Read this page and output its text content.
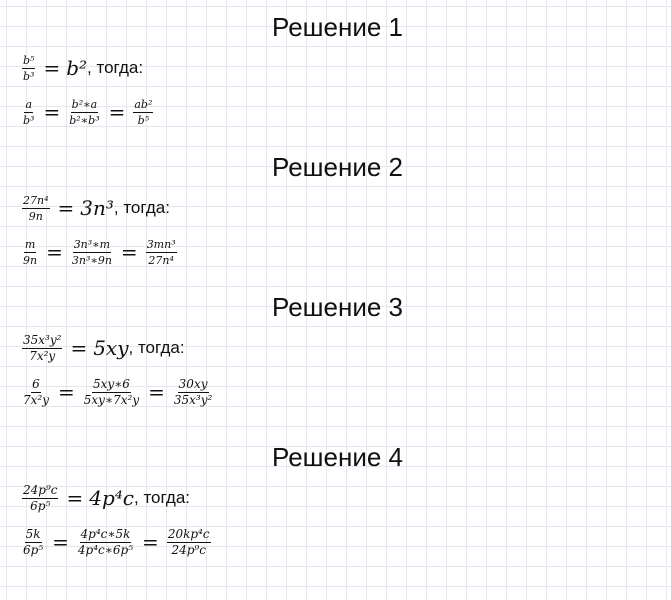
Решение 1
$\frac{\text{b⁵}}{\text{b³}} = b^2$ , тогда:
$\frac{a}{\text{b³}} = \frac{\text{b²∗a}}{\text{b²∗b³}} = \frac{\text{ab²}}{\text{b⁵}}$
Решение 2
$\frac{\text{27n⁴}}{9n} = 3n^3$ , тогда:
$\frac{m}{9n} = \frac{\text{3n³∗m}}{\text{3n³∗9n}} = \frac{\text{3mn³}}{\text{27n⁴}}$
Решение 3
$\frac{\text{35x³y²}}{\text{7x²y}} = 5xy$ , тогда:
$\frac{6}{\text{7x²y}} = \frac{5xy∗6}{\text{5xy∗7x²y}} = \frac{30xy}{\text{35x³y²}}$
Решение 4
$\frac{\text{24p⁹c}}{\text{6p⁵}} = 4p^4c$ , тогда:
$\frac{5k}{\text{6p⁵}} = \frac{\text{4p⁴c∗5k}}{\text{4p⁴c∗6p⁵}} = \frac{\text{20kp⁴c}}{\text{24p⁹c}}$
